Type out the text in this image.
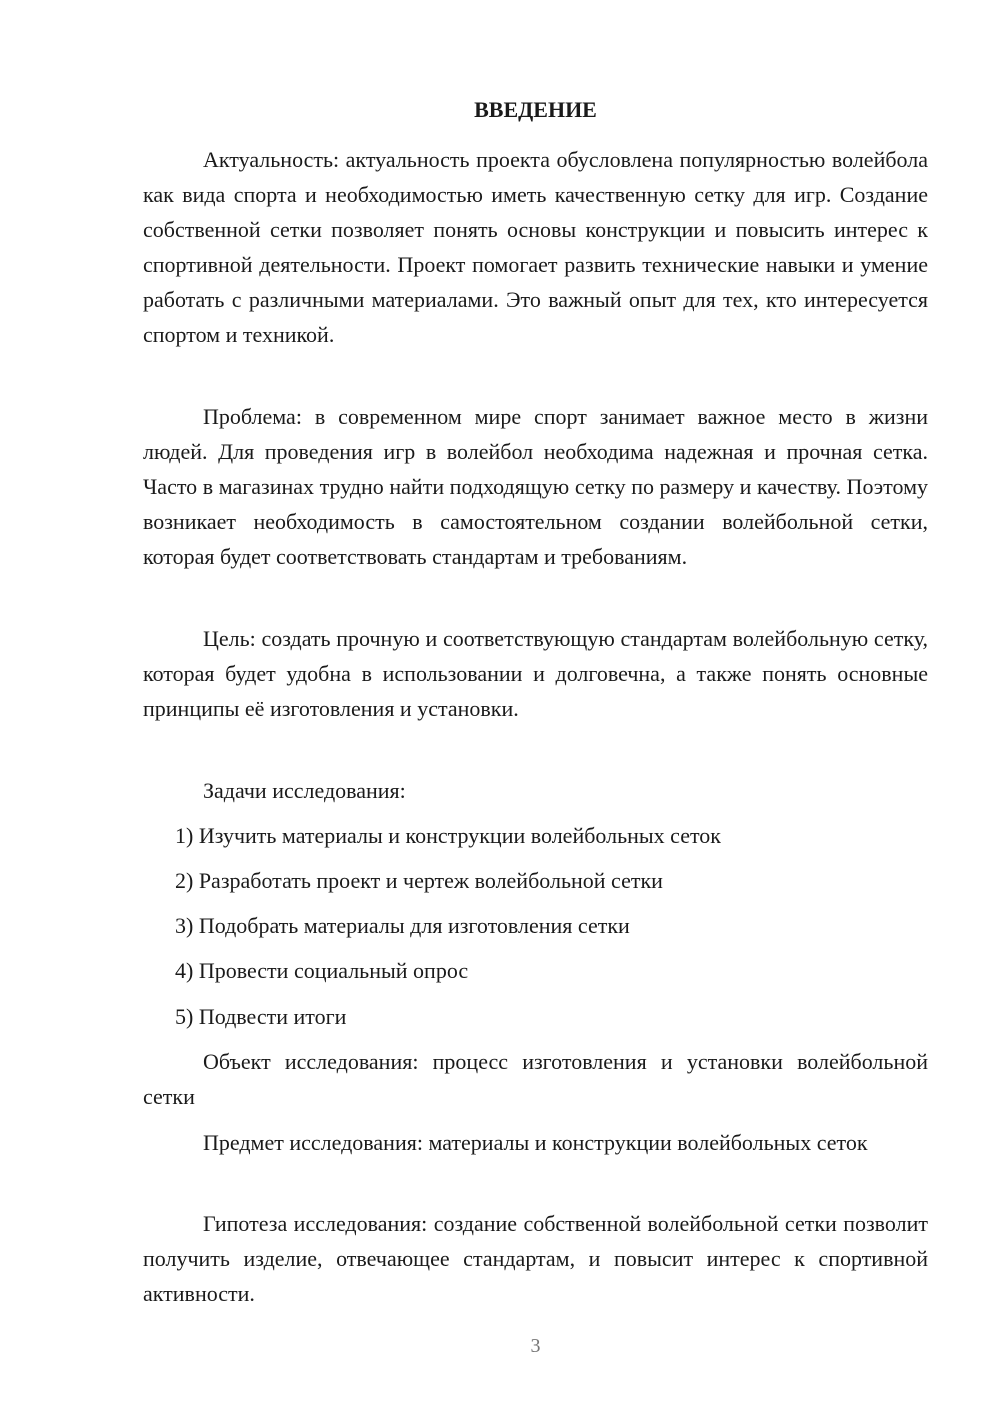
ВВЕДЕНИЕ

Актуальность: актуальность проекта обусловлена популярностью волейбола как вида спорта и необходимостью иметь качественную сетку для игр. Создание собственной сетки позволяет понять основы конструкции и повысить интерес к спортивной деятельности. Проект помогает развить технические навыки и умение работать с различными материалами. Это важный опыт для тех, кто интересуется спортом и техникой.

Проблема: в современном мире спорт занимает важное место в жизни людей. Для проведения игр в волейбол необходима надежная и прочная сетка. Часто в магазинах трудно найти подходящую сетку по размеру и качеству. Поэтому возникает необходимость в самостоятельном создании волейбольной сетки, которая будет соответствовать стандартам и требованиям.

Цель: создать прочную и соответствующую стандартам волейбольную сетку, которая будет удобна в использовании и долговечна, а также понять основные принципы её изготовления и установки.

Задачи исследования:

1) Изучить материалы и конструкции волейбольных сеток

2) Разработать проект и чертеж волейбольной сетки

3) Подобрать материалы для изготовления сетки

4) Провести социальный опрос

5) Подвести итоги

Объект исследования: процесс изготовления и установки волейбольной сетки

Предмет исследования: материалы и конструкции волейбольных сеток

Гипотеза исследования: создание собственной волейбольной сетки позволит получить изделие, отвечающее стандартам, и повысит интерес к спортивной активности.

3
